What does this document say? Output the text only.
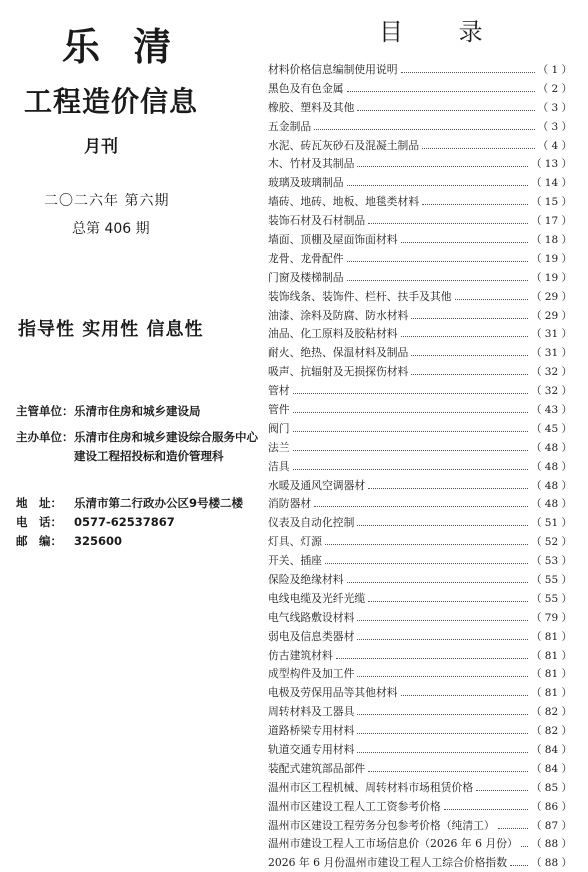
乐 清
工程造价信息
月刊
二〇二六年 第六期
总第 406 期
指导性 实用性 信息性
主管单位：乐清市住房和城乡建设局
主办单位：乐清市住房和城乡建设综合服务中心
建设工程招投标和造价管理科
地　址： 乐清市第二行政办公区9号楼二楼
电　话： 0577-62537867
邮　编： 325600
目 录
材料价格信息编制使用说明	（ 1 ）
黑色及有色金属	（ 2 ）
橡胶、塑料及其他	（ 3 ）
五金制品	（ 3 ）
水泥、砖瓦灰砂石及混凝土制品	（ 4 ）
木、竹材及其制品	（ 13 ）
玻璃及玻璃制品	（ 14 ）
墙砖、地砖、地板、地毯类材料	（ 15 ）
装饰石材及石材制品	（ 17 ）
墙面、顶棚及屋面饰面材料	（ 18 ）
龙骨、龙骨配件	（ 19 ）
门窗及楼梯制品	（ 19 ）
装饰线条、装饰件、栏杆、扶手及其他	（ 29 ）
油漆、涂料及防腐、防水材料	（ 29 ）
油品、化工原料及胶粘材料	（ 31 ）
耐火、绝热、保温材料及制品	（ 31 ）
吸声、抗辐射及无损探伤材料	（ 32 ）
管材	（ 32 ）
管件	（ 43 ）
阀门	（ 45 ）
法兰	（ 48 ）
洁具	（ 48 ）
水暖及通风空调器材	（ 48 ）
消防器材	（ 48 ）
仪表及自动化控制	（ 51 ）
灯具、灯源	（ 52 ）
开关、插座	（ 53 ）
保险及绝缘材料	（ 55 ）
电线电缆及光纤光缆	（ 55 ）
电气线路敷设材料	（ 79 ）
弱电及信息类器材	（ 81 ）
仿古建筑材料	（ 81 ）
成型构件及加工件	（ 81 ）
电极及劳保用品等其他材料	（ 81 ）
周转材料及工器具	（ 82 ）
道路桥梁专用材料	（ 82 ）
轨道交通专用材料	（ 84 ）
装配式建筑部品部件	（ 84 ）
温州市区工程机械、周转材料市场租赁价格	（ 85 ）
温州市区建设工程人工工资参考价格	（ 86 ）
温州市区建设工程劳务分包参考价格（纯清工）	（ 87 ）
温州市建设工程人工市场信息价（2026 年 6 月份） （ 88 ）
2026 年 6 月份温州市建设工程人工综合价格指数 （ 88 ）
